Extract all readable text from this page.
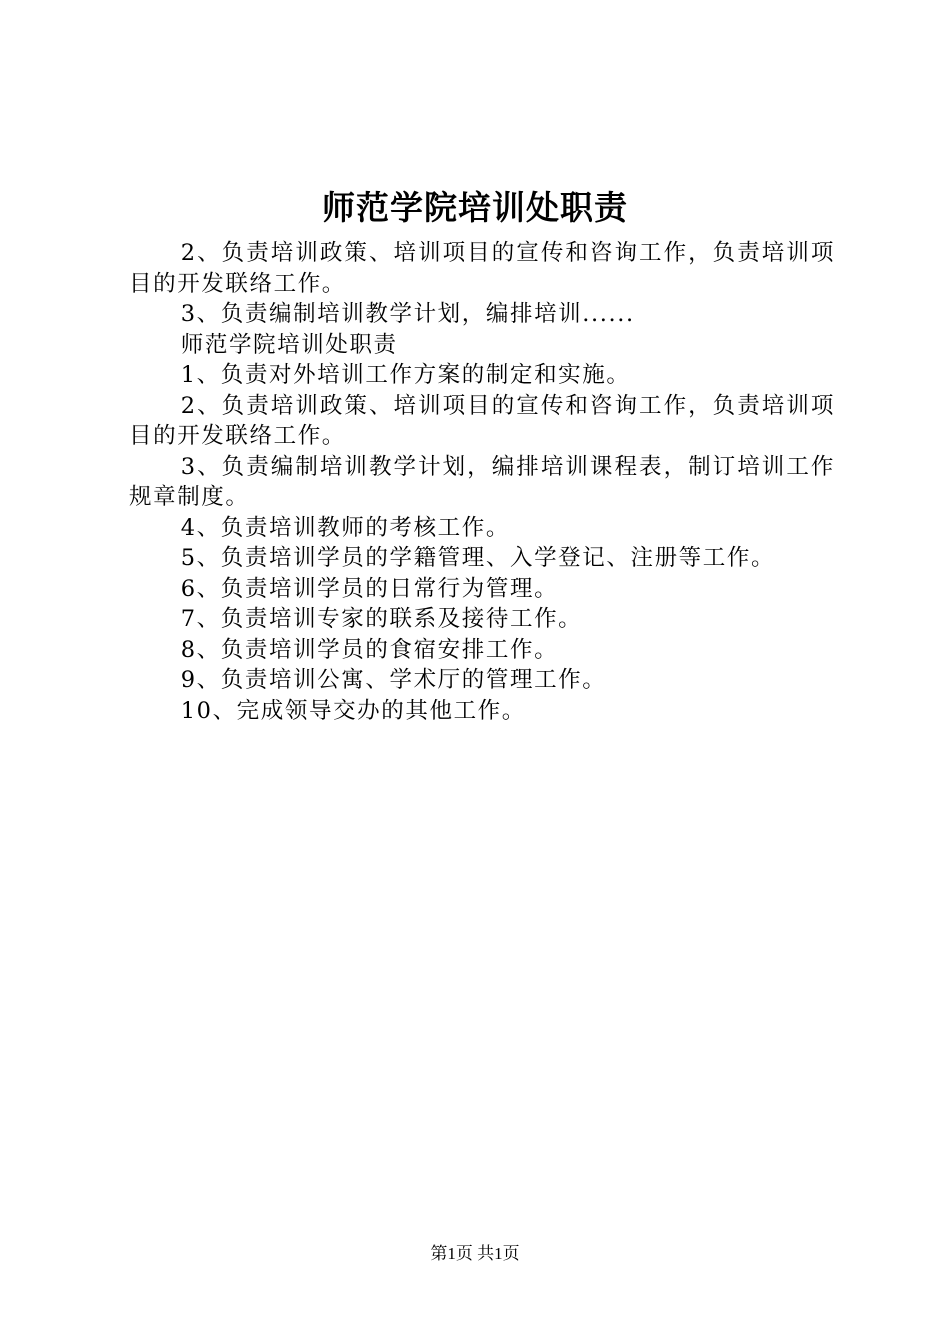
师范学院培训处职责

2、负责培训政策、培训项目的宣传和咨询工作，负责培训项目的开发联络工作。

3、负责编制培训教学计划，编排培训......

师范学院培训处职责

1、负责对外培训工作方案的制定和实施。

2、负责培训政策、培训项目的宣传和咨询工作，负责培训项目的开发联络工作。

3、负责编制培训教学计划，编排培训课程表，制订培训工作规章制度。

4、负责培训教师的考核工作。

5、负责培训学员的学籍管理、入学登记、注册等工作。

6、负责培训学员的日常行为管理。

7、负责培训专家的联系及接待工作。

8、负责培训学员的食宿安排工作。

9、负责培训公寓、学术厅的管理工作。

10、完成领导交办的其他工作。

第1页 共1页
